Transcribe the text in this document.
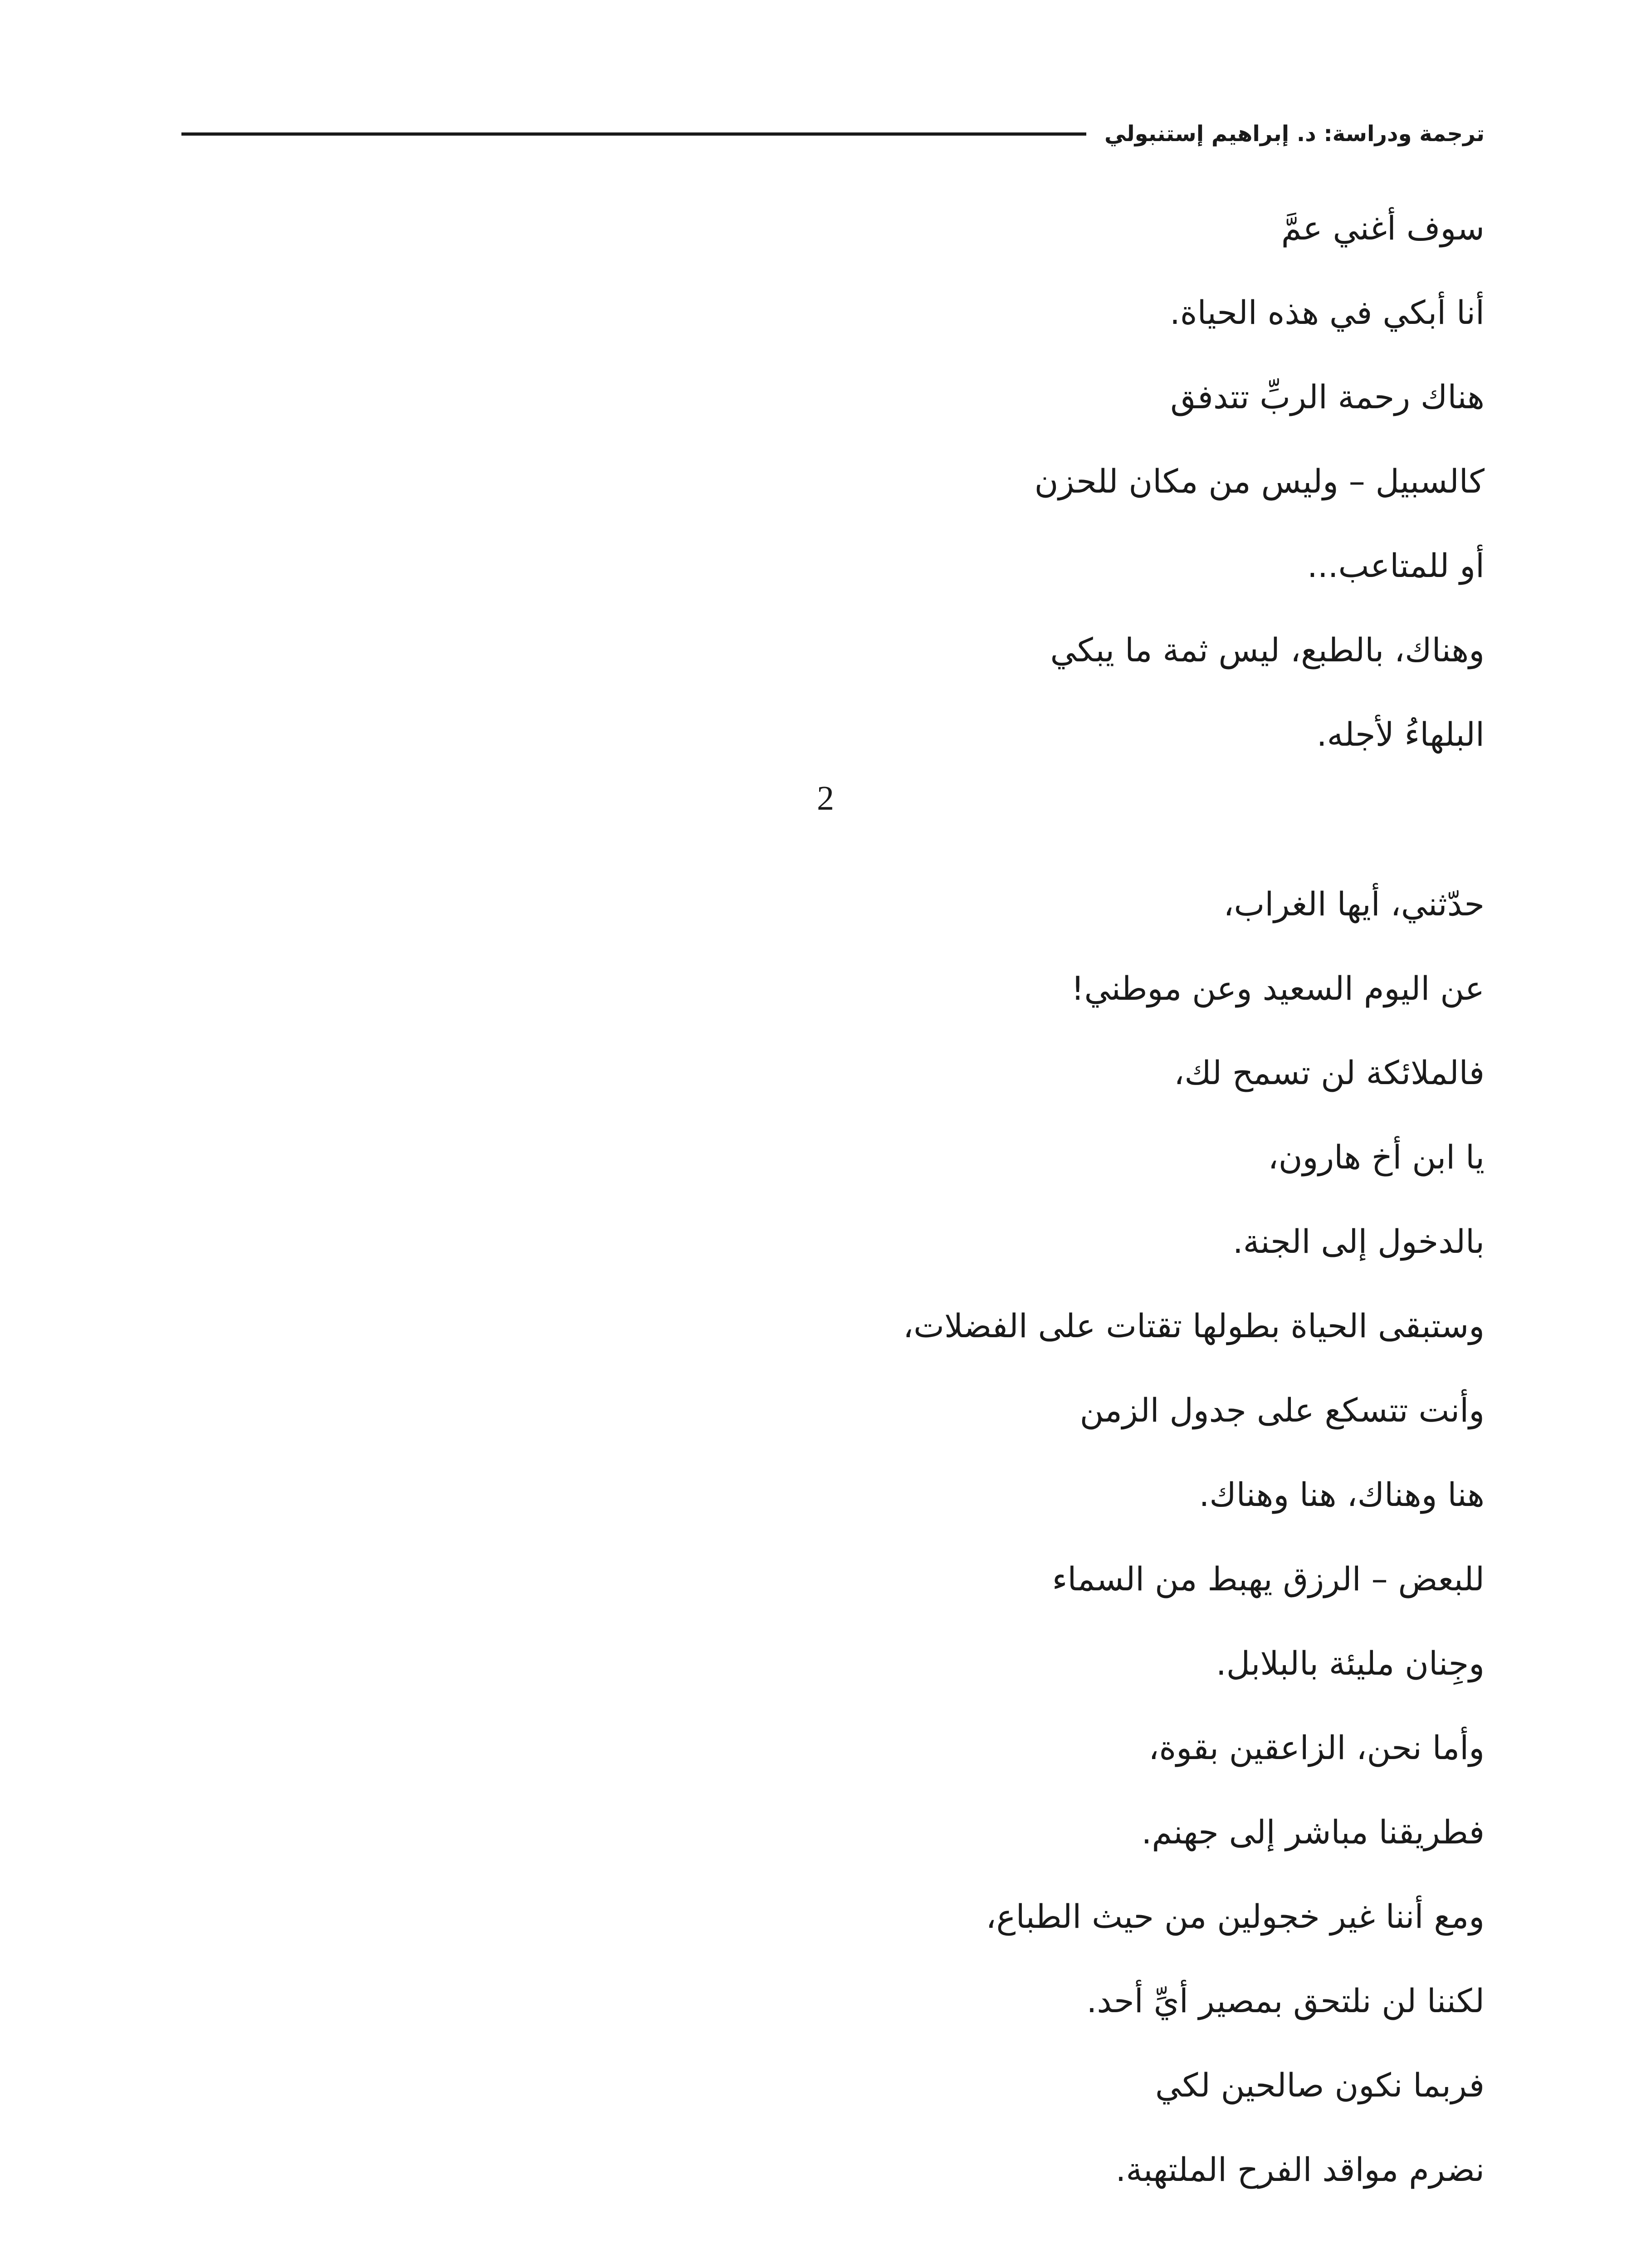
ترجمة ودراسة: د. إبراهيم إستنبولي
سوف أغني عمَّ
أنا أبكي في هذه الحياة.
هناك رحمة الربِّ تتدفق
كالسبيل – وليس من مكان للحزن
أو للمتاعب...
وهناك، بالطبع، ليس ثمة ما يبكي
البلهاءُ لأجله.
2
حدّثني، أيها الغراب،
عن اليوم السعيد وعن موطني!
فالملائكة لن تسمح لك،
يا ابن أخ هارون،
بالدخول إلى الجنة.
وستبقى الحياة بطولها تقتات على الفضلات،
وأنت تتسكع على جدول الزمن
هنا وهناك، هنا وهناك.
للبعض – الرزق يهبط من السماء
وجِنان مليئة بالبلابل.
وأما نحن، الزاعقين بقوة،
فطريقنا مباشر إلى جهنم.
ومع أننا غير خجولين من حيث الطباع،
لكننا لن نلتحق بمصير أيِّ أحد.
فربما نكون صالحين لكي
نضرم مواقد الفرح الملتهبة.
